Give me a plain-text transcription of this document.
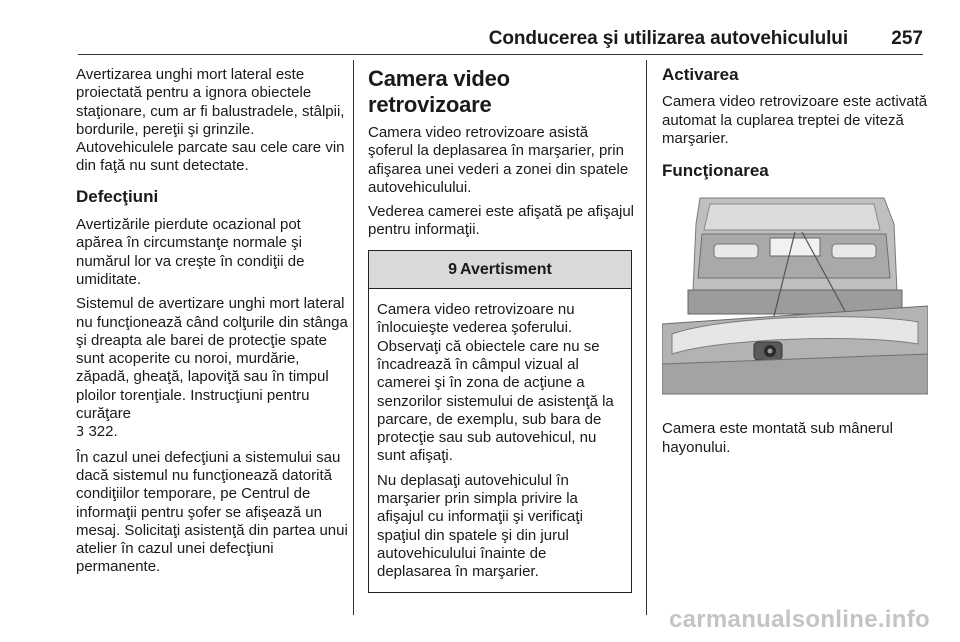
Conducerea şi utilizarea autovehiculului 257

Avertizarea unghi mort lateral este proiectată pentru a ignora obiectele staţionare, cum ar fi balustradele, stâlpii, bordurile, pereţii şi grinzile. Autovehiculele parcate sau cele care vin din faţă nu sunt detectate.

Defecţiuni

Avertizările pierdute ocazional pot apărea în circumstanţe normale şi numărul lor va creşte în condiţii de umiditate.

Sistemul de avertizare unghi mort lateral nu funcţionează când colţurile din stânga şi dreapta ale barei de protecţie spate sunt acoperite cu noroi, murdărie, zăpadă, gheaţă, lapoviţă sau în timpul ploilor torenţiale. Instrucţiuni pentru curăţare
3 322.

În cazul unei defecţiuni a sistemului sau dacă sistemul nu funcţionează datorită condiţiilor temporare, pe Centrul de informaţii pentru şofer se afişează un mesaj. Solicitaţi asistenţă din partea unui atelier în cazul unei defecţiuni permanente.

Camera video retrovizoare

Camera video retrovizoare asistă şoferul la deplasarea în marşarier, prin afişarea unei vederi a zonei din spatele autovehiculului.

Vederea camerei este afişată pe afişajul pentru informaţii.

9 Avertisment

Camera video retrovizoare nu înlocuieşte vederea şoferului. Observaţi că obiectele care nu se încadrează în câmpul vizual al camerei şi în zona de acţiune a senzorilor sistemului de asistenţă la parcare, de exemplu, sub bara de protecţie sau sub autovehicul, nu sunt afişaţi.

Nu deplasaţi autovehiculul în marşarier prin simpla privire la afişajul cu informaţii şi verificaţi spaţiul din spatele şi din jurul autovehiculului înainte de deplasarea în marşarier.

Activarea

Camera video retrovizoare este activată automat la cuplarea treptei de viteză marşarier.

Funcţionarea

Camera este montată sub mânerul hayonului.

carmanualsonline.info
